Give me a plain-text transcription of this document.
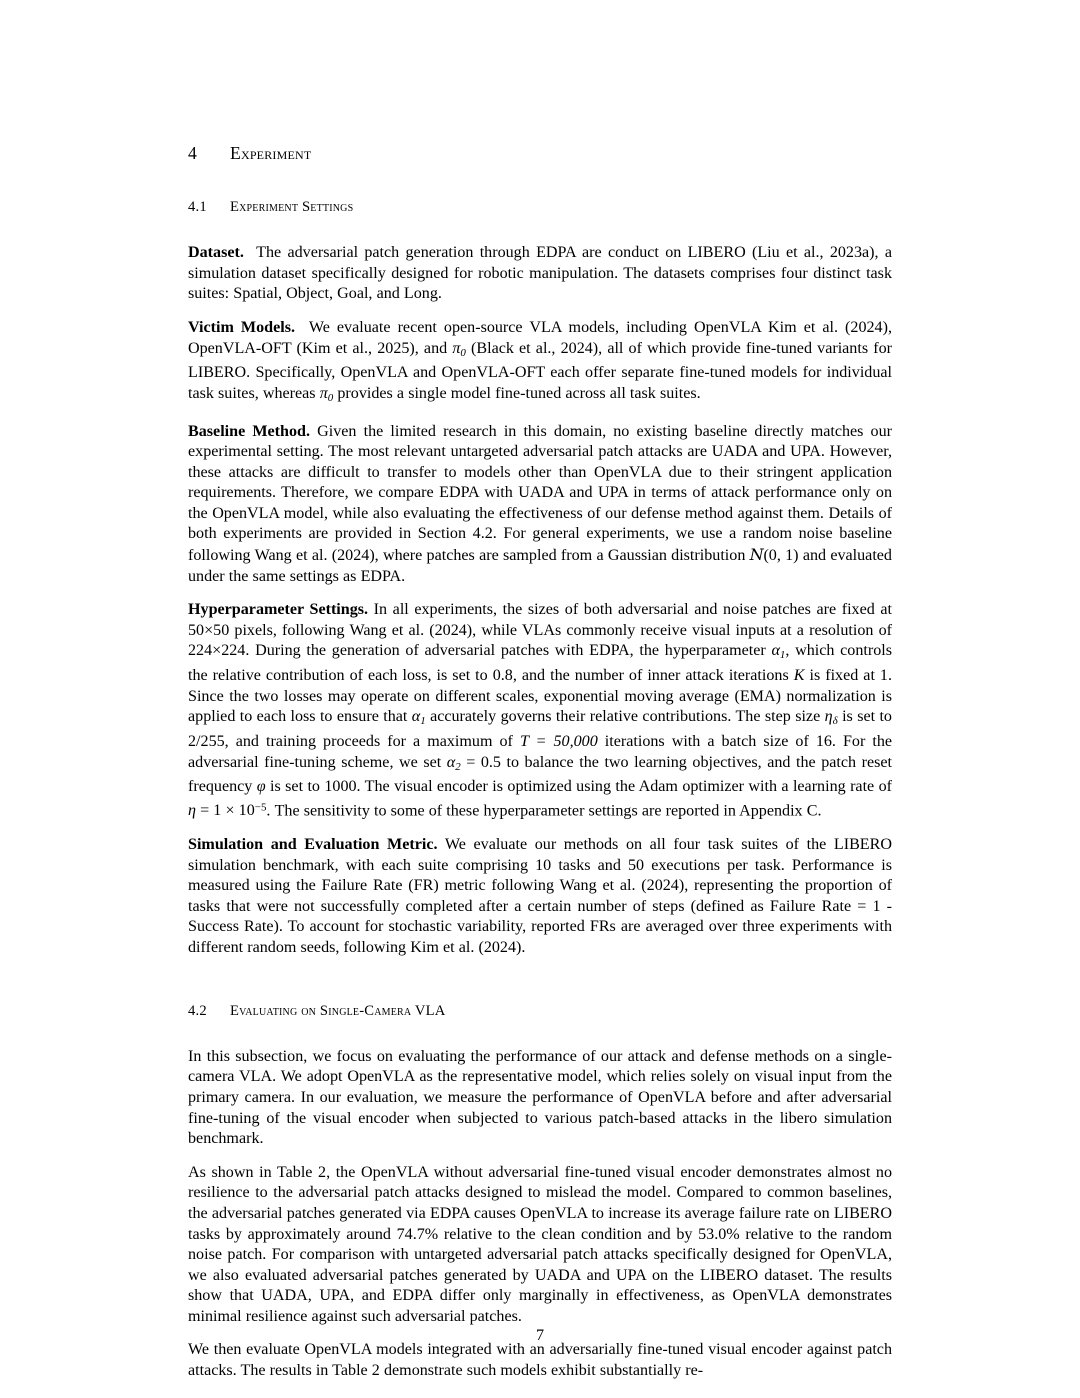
4 Experiment
4.1 Experiment Settings

Dataset. The adversarial patch generation through EDPA are conduct on LIBERO (Liu et al., 2023a), a simulation dataset specifically designed for robotic manipulation. The datasets comprises four distinct task suites: Spatial, Object, Goal, and Long.

Victim Models. We evaluate recent open-source VLA models, including OpenVLA Kim et al. (2024), OpenVLA-OFT (Kim et al., 2025), and $\pi_0$ (Black et al., 2024), all of which provide fine-tuned variants for LIBERO. Specifically, OpenVLA and OpenVLA-OFT each offer separate fine-tuned models for individual task suites, whereas $\pi_0$ provides a single model fine-tuned across all task suites.

Baseline Method. Given the limited research in this domain, no existing baseline directly matches our experimental setting. The most relevant untargeted adversarial patch attacks are UADA and UPA. However, these attacks are difficult to transfer to models other than OpenVLA due to their stringent application requirements. Therefore, we compare EDPA with UADA and UPA in terms of attack performance only on the OpenVLA model, while also evaluating the effectiveness of our defense method against them. Details of both experiments are provided in Section 4.2. For general experiments, we use a random noise baseline following Wang et al. (2024), where patches are sampled from a Gaussian distribution N(0, 1) and evaluated under the same settings as EDPA.

Hyperparameter Settings. In all experiments, the sizes of both adversarial and noise patches are fixed at 50×50 pixels, following Wang et al. (2024), while VLAs commonly receive visual inputs at a resolution of 224×224. During the generation of adversarial patches with EDPA, the hyperparameter $\alpha_1$, which controls the relative contribution of each loss, is set to 0.8, and the number of inner attack iterations K is fixed at 1. Since the two losses may operate on different scales, exponential moving average (EMA) normalization is applied to each loss to ensure that $\alpha_1$ accurately governs their relative contributions. The step size $\eta_\delta$ is set to 2/255, and training proceeds for a maximum of T = 50,000 iterations with a batch size of 16. For the adversarial fine-tuning scheme, we set $\alpha_2 = 0.5$ to balance the two learning objectives, and the patch reset frequency φ is set to 1000. The visual encoder is optimized using the Adam optimizer with a learning rate of $\eta = 1 \times 10^{-5}$. The sensitivity to some of these hyperparameter settings are reported in Appendix C.

Simulation and Evaluation Metric. We evaluate our methods on all four task suites of the LIBERO simulation benchmark, with each suite comprising 10 tasks and 50 executions per task. Performance is measured using the Failure Rate (FR) metric following Wang et al. (2024), representing the proportion of tasks that were not successfully completed after a certain number of steps (defined as Failure Rate = 1 - Success Rate). To account for stochastic variability, reported FRs are averaged over three experiments with different random seeds, following Kim et al. (2024).

4.2 Evaluating on Single-Camera VLA

In this subsection, we focus on evaluating the performance of our attack and defense methods on a single-camera VLA. We adopt OpenVLA as the representative model, which relies solely on visual input from the primary camera. In our evaluation, we measure the performance of OpenVLA before and after adversarial fine-tuning of the visual encoder when subjected to various patch-based attacks in the libero simulation benchmark.

As shown in Table 2, the OpenVLA without adversarial fine-tuned visual encoder demonstrates almost no resilience to the adversarial patch attacks designed to mislead the model. Compared to common baselines, the adversarial patches generated via EDPA causes OpenVLA to increase its average failure rate on LIBERO tasks by approximately around 74.7% relative to the clean condition and by 53.0% relative to the random noise patch. For comparison with untargeted adversarial patch attacks specifically designed for OpenVLA, we also evaluated adversarial patches generated by UADA and UPA on the LIBERO dataset. The results show that UADA, UPA, and EDPA differ only marginally in effectiveness, as OpenVLA demonstrates minimal resilience against such adversarial patches.

We then evaluate OpenVLA models integrated with an adversarially fine-tuned visual encoder against patch attacks. The results in Table 2 demonstrate such models exhibit substantially re-

7
